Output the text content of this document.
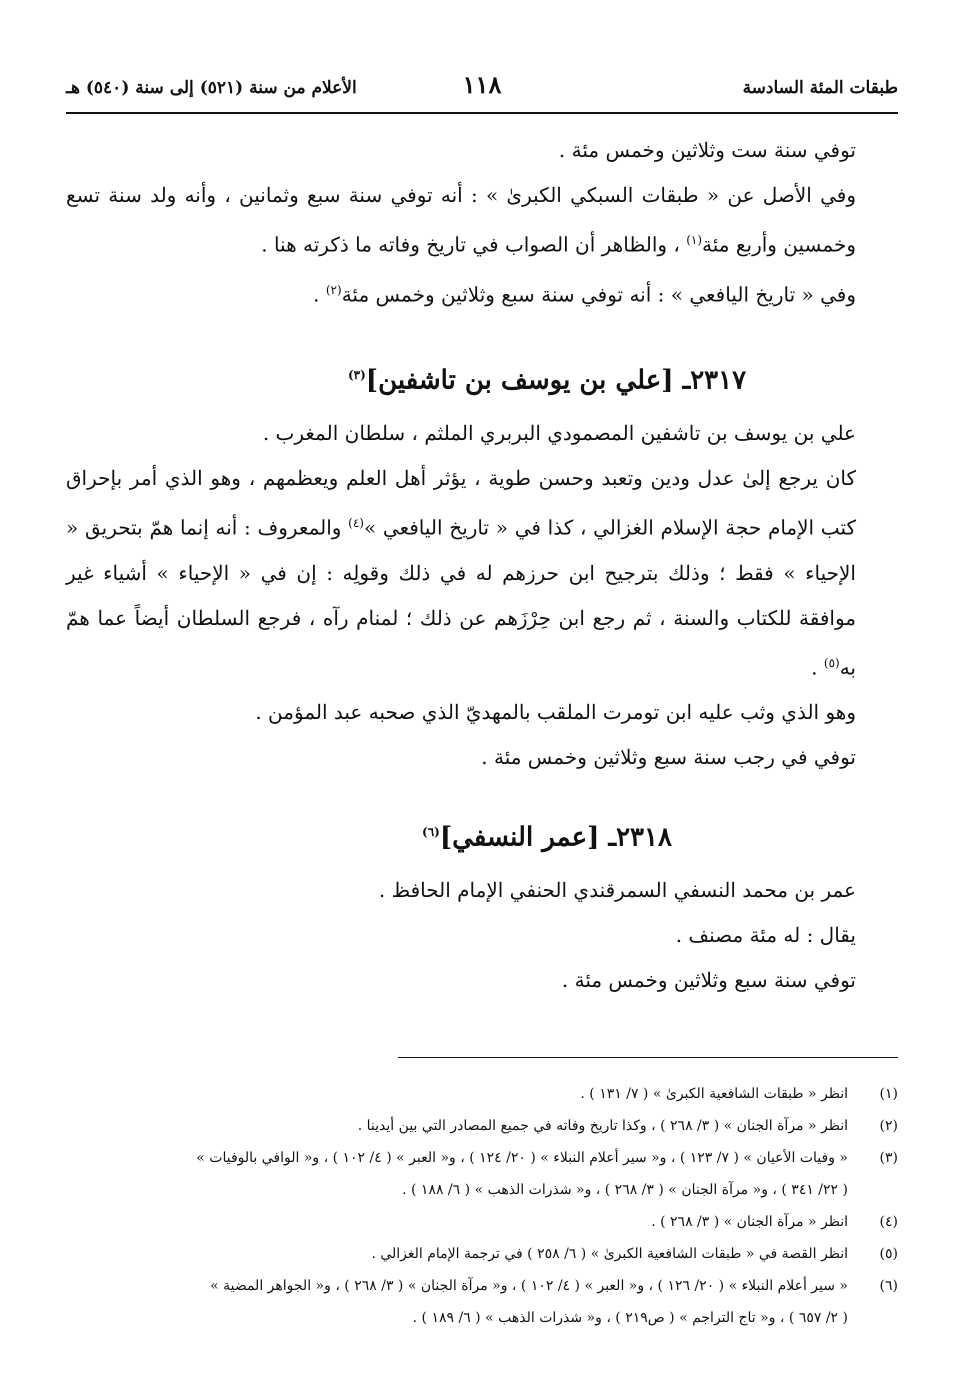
طبقات المئة السادسة
١١٨
الأعلام من سنة (٥٢١) إلى سنة (٥٤٠) هـ

توفي سنة ست وثلاثين وخمس مئة .

وفي الأصل عن « طبقات السبكي الكبرىٰ » : أنه توفي سنة سبع وثمانين ، وأنه ولد سنة تسع وخمسين وأربع مئة$^{(١)}$ ، والظاهر أن الصواب في تاريخ وفاته ما ذكرته هنا .

وفي « تاريخ اليافعي » : أنه توفي سنة سبع وثلاثين وخمس مئة$^{(٢)}$ .

٢٣١٧ـ [علي بن يوسف بن تاشفين]$^{(٣)}$

علي بن يوسف بن تاشفين المصمودي البربري الملثم ، سلطان المغرب .

كان يرجع إلىٰ عدل ودين وتعبد وحسن طوية ، يؤثر أهل العلم ويعظمهم ، وهو الذي أمر بإحراق كتب الإمام حجة الإسلام الغزالي ، كذا في « تاريخ اليافعي »$^{(٤)}$ والمعروف : أنه إنما همّ بتحريق « الإحياء » فقط ؛ وذلك بترجيح ابن حرزهم له في ذلك وقولِه : إن في « الإحياء » أشياء غير موافقة للكتاب والسنة ، ثم رجع ابن حِرْزَهم عن ذلك ؛ لمنام رآه ، فرجع السلطان أيضاً عما همّ به$^{(٥)}$ .

وهو الذي وثب عليه ابن تومرت الملقب بالمهديّ الذي صحبه عبد المؤمن .

توفي في رجب سنة سبع وثلاثين وخمس مئة .

٢٣١٨ـ [عمر النسفي]$^{(٦)}$

عمر بن محمد النسفي السمرقندي الحنفي الإمام الحافظ .

يقال : له مئة مصنف .

توفي سنة سبع وثلاثين وخمس مئة .

(١)
انظر « طبقات الشافعية الكبرىٰ » ( ٧/ ١٣١ ) .
(٢)
انظر « مرآة الجنان » ( ٣/ ٢٦٨ ) ، وكذا تاريخ وفاته في جميع المصادر التي بين أيدينا .
(٣)
« وفيات الأعيان » ( ٧/ ١٢٣ ) ، و« سير أعلام النبلاء » ( ٢٠/ ١٢٤ ) ، و« العبر » ( ٤/ ١٠٢ ) ، و« الوافي بالوفيات »
( ٢٢/ ٣٤١ ) ، و« مرآة الجنان » ( ٣/ ٢٦٨ ) ، و« شذرات الذهب » ( ٦/ ١٨٨ ) .
(٤)
انظر « مرآة الجنان » ( ٣/ ٢٦٨ ) .
(٥)
انظر القصة في « طبقات الشافعية الكبرىٰ » ( ٦/ ٢٥٨ ) في ترجمة الإمام الغزالي .
(٦)
« سير أعلام النبلاء » ( ٢٠/ ١٢٦ ) ، و« العبر » ( ٤/ ١٠٢ ) ، و« مرآة الجنان » ( ٣/ ٢٦٨ ) ، و« الجواهر المضية »
( ٢/ ٦٥٧ ) ، و« تاج التراجم » ( ص٢١٩ ) ، و« شذرات الذهب » ( ٦/ ١٨٩ ) .
